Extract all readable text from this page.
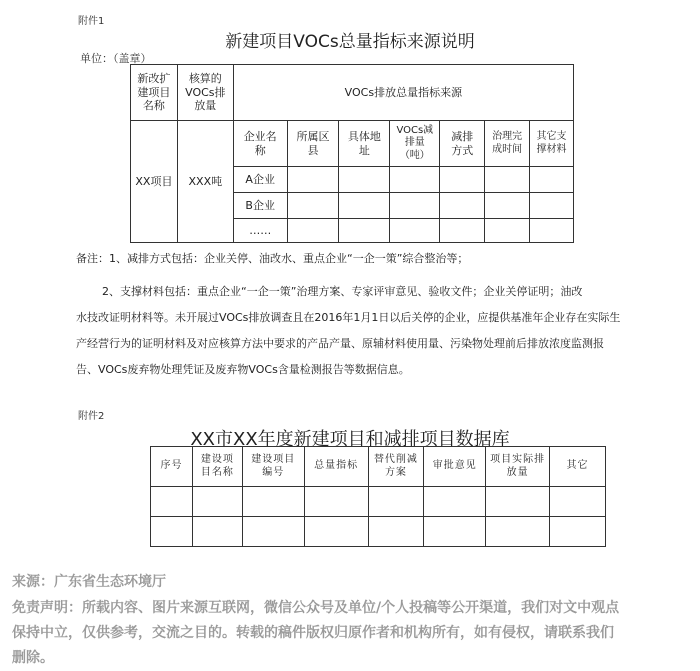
附件1
新建项目VOCs总量指标来源说明
单位：（盖章）
新改扩建项目名称	核算的VOCs排放量	VOCs排放总量指标来源						
XX项目	XXX吨	企业名称	所属区县	具体地址	VOCs减排量（吨）	减排方式	治理完成时间	其它支撑材料
		A企业						
		B企业						
		……						
备注：1、减排方式包括：企业关停、油改水、重点企业“一企一策”综合整治等；
2、支撑材料包括：重点企业“一企一策”治理方案、专家评审意见、验收文件；企业关停证明；油改
水技改证明材料等。未开展过VOCs排放调查且在2016年1月1日以后关停的企业，应提供基准年企业存在实际生
产经营行为的证明材料及对应核算方法中要求的产品产量、原辅材料使用量、污染物处理前后排放浓度监测报
告、VOCs废弃物处理凭证及废弃物VOCs含量检测报告等数据信息。
附件2
XX市XX年度新建项目和减排项目数据库
序号	建设项目名称	建设项目编号	总量指标	替代削减方案	审批意见	项目实际排放量	其它

来源：广东省生态环境厅
免责声明：所载内容、图片来源互联网，微信公众号及单位/个人投稿等公开渠道，我们对文中观点
保持中立，仅供参考，交流之目的。转载的稿件版权归原作者和机构所有，如有侵权，请联系我们
删除。
